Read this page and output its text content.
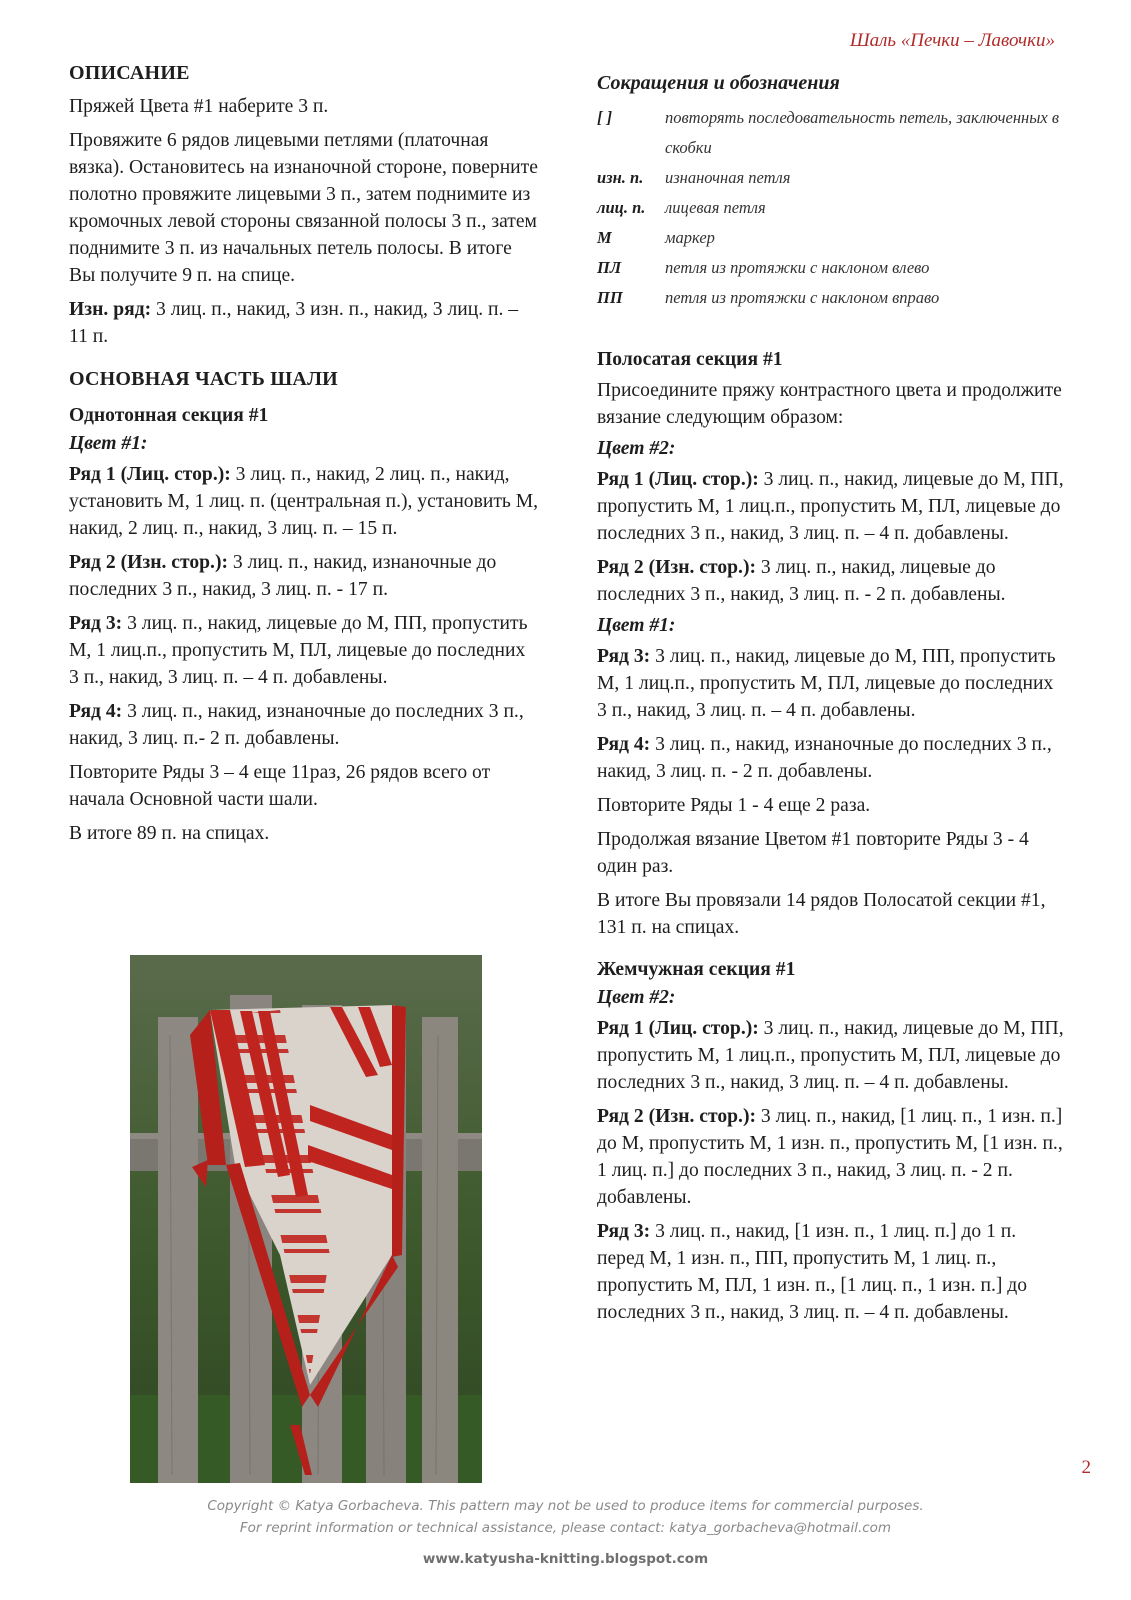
Шаль «Печки – Лавочки»
ОПИСАНИЕ

Пряжей Цвета #1 наберите 3 п.

Провяжите 6 рядов лицевыми петлями (платочная вязка). Остановитесь на изнаночной стороне, поверните полотно провяжите лицевыми 3 п., затем поднимите из кромочных левой стороны связанной полосы 3 п., затем поднимите 3 п. из начальных петель полосы. В итоге Вы получите 9 п. на спице.

Изн. ряд: 3 лиц. п., накид, 3 изн. п., накид, 3 лиц. п. – 11 п.

ОСНОВНАЯ ЧАСТЬ ШАЛИ
Однотонная секция #1
Цвет #1:

Ряд 1 (Лиц. стор.): 3 лиц. п., накид, 2 лиц. п., накид, установить М, 1 лиц. п. (центральная п.), установить М, накид, 2 лиц. п., накид, 3 лиц. п. – 15 п.

Ряд 2 (Изн. стор.): 3 лиц. п., накид, изнаночные до последних 3 п., накид, 3 лиц. п. - 17 п.

Ряд 3: 3 лиц. п., накид, лицевые до М, ПП, пропустить М, 1 лиц.п., пропустить М, ПЛ, лицевые до последних 3 п., накид, 3 лиц. п. – 4 п. добавлены.

Ряд 4: 3 лиц. п., накид, изнаночные до последних 3 п., накид, 3 лиц. п.- 2 п. добавлены.

Повторите Ряды 3 – 4 еще 11раз, 26 рядов всего от начала Основной части шали.

В итоге 89 п. на спицах.

Сокращения и обозначения
[ ]	повторять последовательность петель, заключенных в скобки
изн. п.	изнаночная петля
лиц. п.	лицевая петля
М	маркер
ПЛ	петля из протяжки с наклоном влево
ПП	петля из протяжки с наклоном вправо
Полосатая секция #1

Присоедините пряжу контрастного цвета и продолжите вязание следующим образом:

Цвет #2:

Ряд 1 (Лиц. стор.): 3 лиц. п., накид, лицевые до М, ПП, пропустить М, 1 лиц.п., пропустить М, ПЛ, лицевые до последних 3 п., накид, 3 лиц. п. – 4 п. добавлены.

Ряд 2 (Изн. стор.): 3 лиц. п., накид, лицевые до последних 3 п., накид, 3 лиц. п. - 2 п. добавлены.

Цвет #1:

Ряд 3: 3 лиц. п., накид, лицевые до М, ПП, пропустить М, 1 лиц.п., пропустить М, ПЛ, лицевые до последних 3 п., накид, 3 лиц. п. – 4 п. добавлены.

Ряд 4: 3 лиц. п., накид, изнаночные до последних 3 п., накид, 3 лиц. п. - 2 п. добавлены.

Повторите Ряды 1 - 4 еще 2 раза.

Продолжая вязание Цветом #1 повторите Ряды 3 - 4 один раз.

В итоге Вы провязали 14 рядов Полосатой секции #1, 131 п. на спицах.

Жемчужная секция #1
Цвет #2:

Ряд 1 (Лиц. стор.): 3 лиц. п., накид, лицевые до М, ПП, пропустить М, 1 лиц.п., пропустить М, ПЛ, лицевые до последних 3 п., накид, 3 лиц. п. – 4 п. добавлены.

Ряд 2 (Изн. стор.): 3 лиц. п., накид, [1 лиц. п., 1 изн. п.] до М, пропустить М, 1 изн. п., пропустить М, [1 изн. п., 1 лиц. п.] до последних 3 п., накид, 3 лиц. п. - 2 п. добавлены.

Ряд 3: 3 лиц. п., накид, [1 изн. п., 1 лиц. п.] до 1 п. перед М, 1 изн. п., ПП, пропустить М, 1 лиц. п., пропустить М, ПЛ, 1 изн. п., [1 лиц. п., 1 изн. п.] до последних 3 п., накид, 3 лиц. п. – 4 п. добавлены.

2
Copyright © Katya Gorbacheva. This pattern may not be used to produce items for commercial purposes.
For reprint information or technical assistance, please contact: katya_gorbacheva@hotmail.com
www.katyusha-knitting.blogspot.com
